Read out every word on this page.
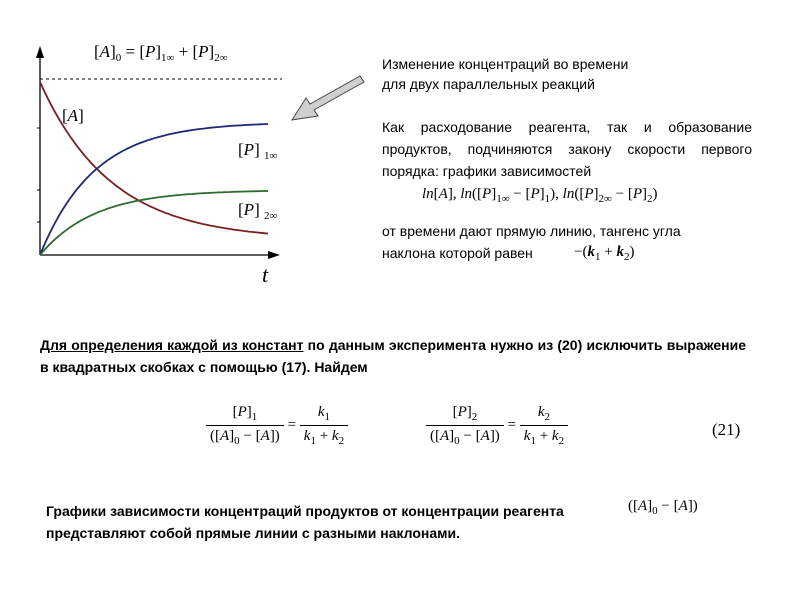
$[A]_0 = [P]_{1\infty} + [P]_{2\infty}$
[A]
[P] $_{1\infty}$
[P] $_{2\infty}$
t
Изменение концентраций во времени
для двух параллельных реакций
Как расходование реагента, так и образование продуктов, подчиняются закону скорости первого порядка: графики зависимостей
ln[A], $\ln([P]_{1\infty} - [P]_1)$, $\ln([P]_{2\infty} - [P]_2)$
от времени дают прямую линию, тангенс угла
наклона которой равен	$-(k_1 + k_2)$
Для определения каждой из констант по данным эксперимента нужно из (20) исключить выражение в квадратных скобках с помощью (17). Найдем
$\frac{[P]_1}{([A]_0 - [A])} = \frac{k_1}{k_1 + k_2}$	$\frac{[P]_2}{([A]_0 - [A])} = \frac{k_2}{k_1 + k_2}$	(21)
Графики зависимости концентраций продуктов от концентрации реагента
представляют собой прямые линии с разными наклонами.
$([A]_0 - [A])$
